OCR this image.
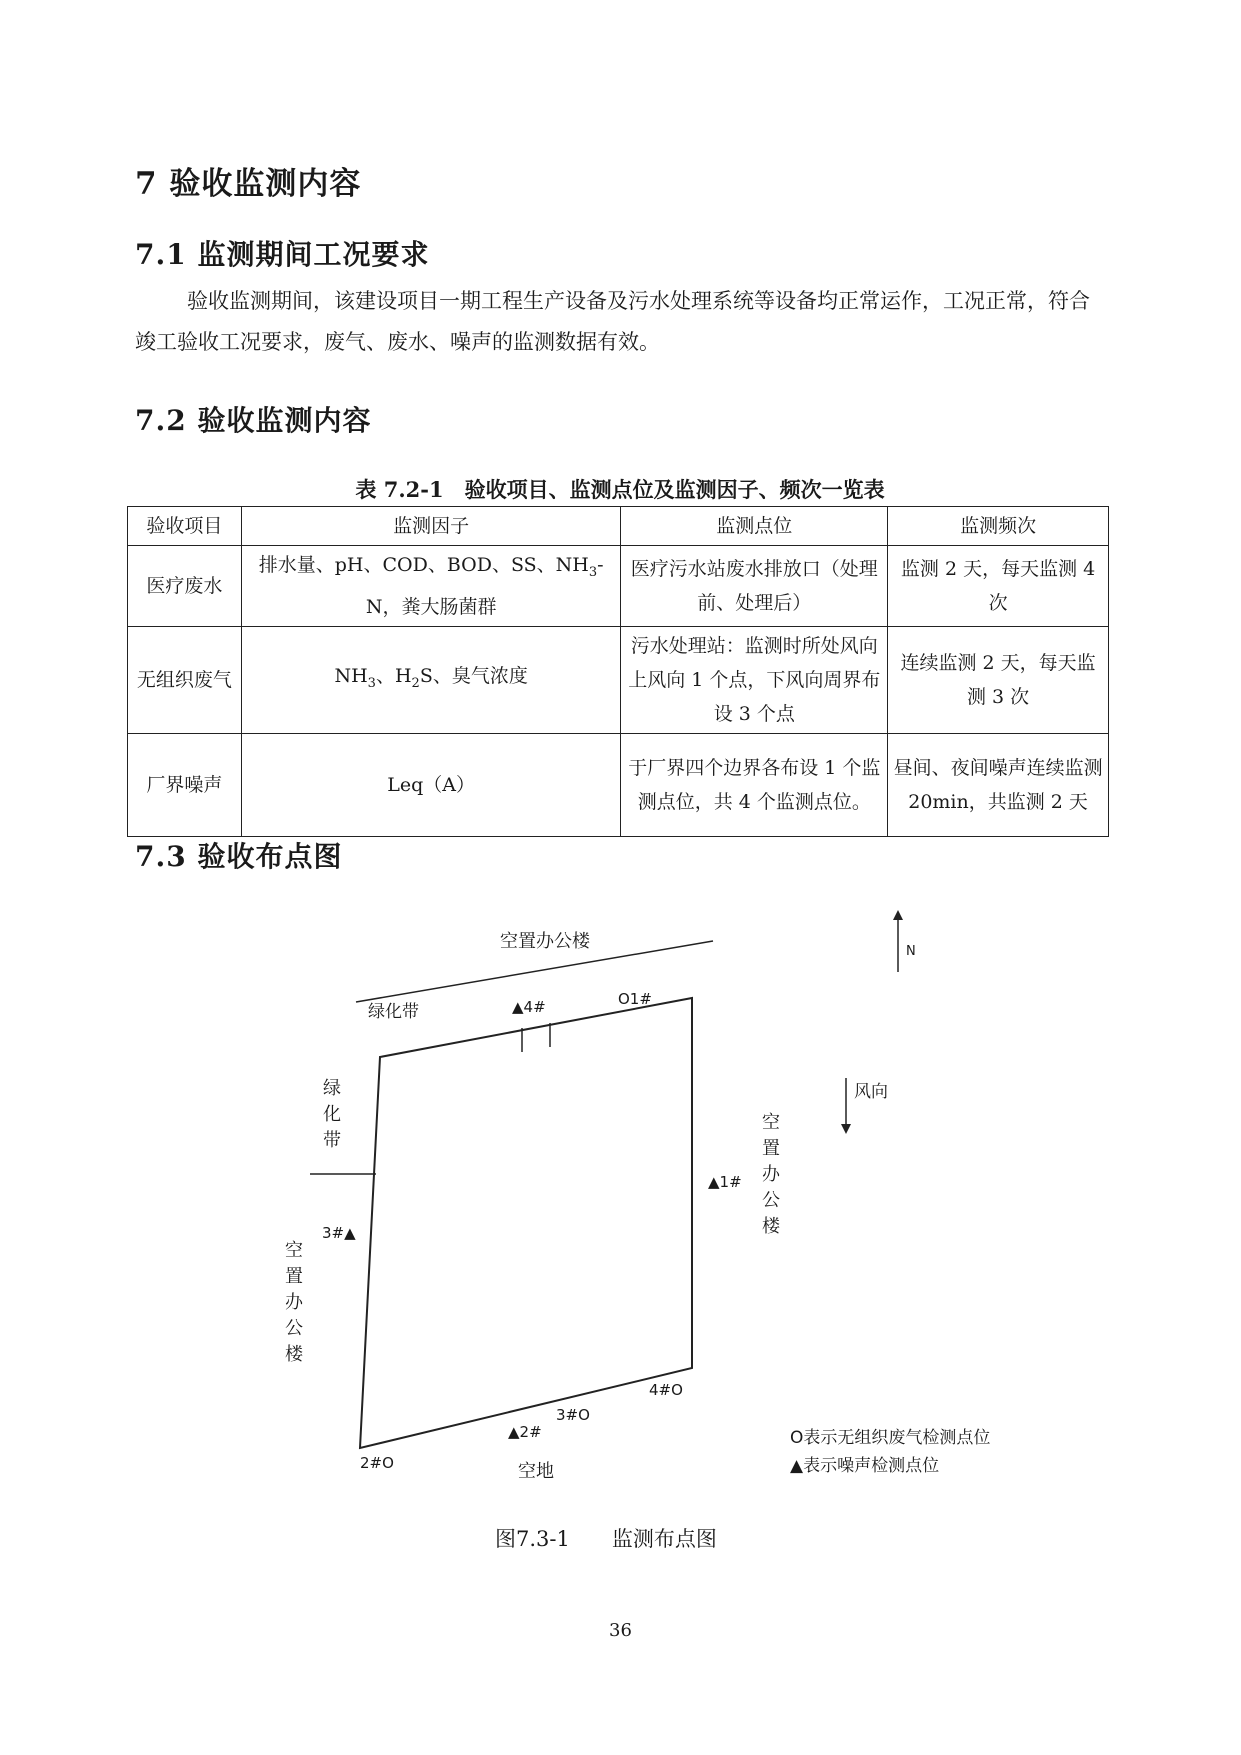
7 验收监测内容
7.1 监测期间工况要求
验收监测期间，该建设项目一期工程生产设备及污水处理系统等设备均正常运作，工况正常，符合竣工验收工况要求，废气、废水、噪声的监测数据有效。
7.2 验收监测内容
表 7.2-1　验收项目、监测点位及监测因子、频次一览表
验收项目	监测因子	监测点位	监测频次
医疗废水	排水量、pH、COD、BOD、SS、$NH_3-N$，粪大肠菌群	医疗污水站废水排放口（处理前、处理后）	监测 2 天，每天监测 4 次
无组织废气	$NH_3$、$H_2S$、臭气浓度	污水处理站：监测时所处风向上风向 1 个点，下风向周界布设 3 个点	连续监测 2 天，每天监测 3 次
厂界噪声	Leq（A）	于厂界四个边界各布设 1 个监测点位，共 4 个监测点位。	昼间、夜间噪声连续监测 20min，共监测 2 天
7.3 验收布点图
空置办公楼
绿化带
绿化带
空置办公楼
空置办公楼
▲4#	O1#
▲1#
3#▲
4#O
3#O
▲2#
2#O	空地
N
风向
O表示无组织废气检测点位
▲表示噪声检测点位
图7.3-1　　监测布点图
36
